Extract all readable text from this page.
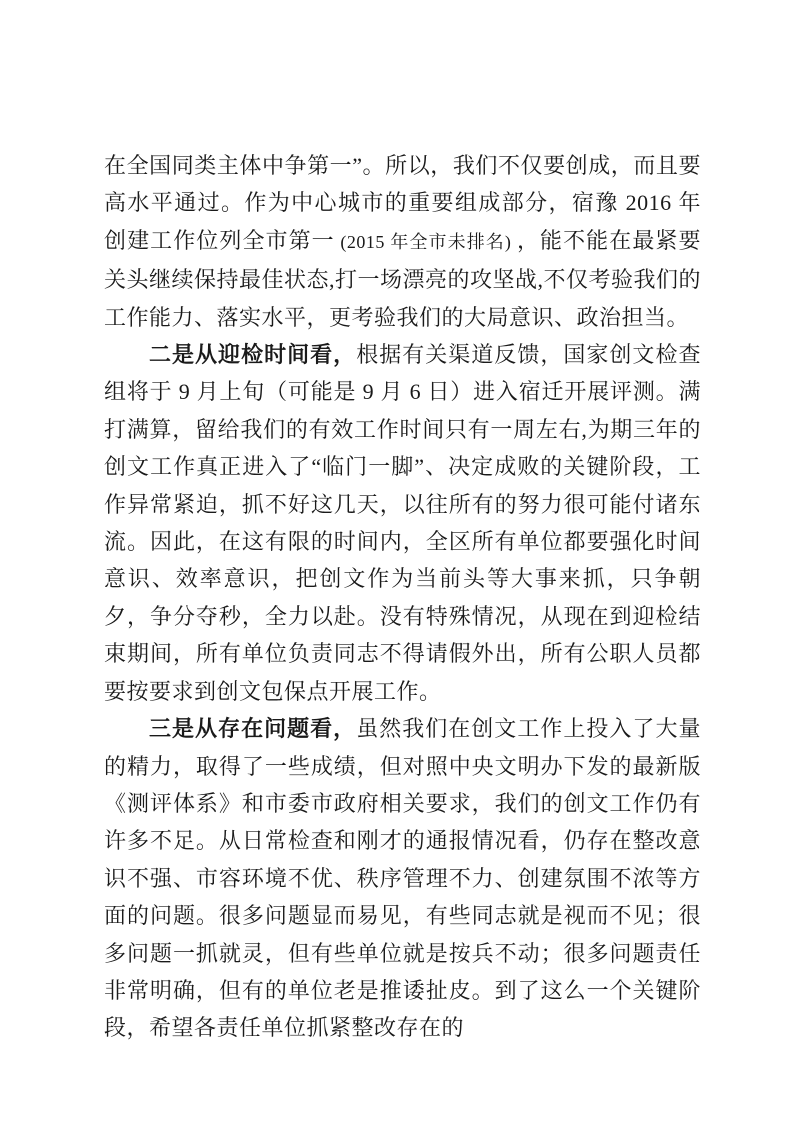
在全国同类主体中争第一”。所以，我们不仅要创成，而且要高水平通过。作为中心城市的重要组成部分，宿豫 2016 年创建工作位列全市第一 (2015 年全市未排名) ，能不能在最紧要关头继续保持最佳状态,打一场漂亮的攻坚战,不仅考验我们的工作能力、落实水平，更考验我们的大局意识、政治担当。

二是从迎检时间看，根据有关渠道反馈，国家创文检查组将于 9 月上旬（可能是 9 月 6 日）进入宿迁开展评测。满打满算，留给我们的有效工作时间只有一周左右,为期三年的创文工作真正进入了“临门一脚”、决定成败的关键阶段，工作异常紧迫，抓不好这几天，以往所有的努力很可能付诸东流。因此，在这有限的时间内，全区所有单位都要强化时间意识、效率意识，把创文作为当前头等大事来抓，只争朝夕，争分夺秒，全力以赴。没有特殊情况，从现在到迎检结束期间，所有单位负责同志不得请假外出，所有公职人员都要按要求到创文包保点开展工作。

三是从存在问题看，虽然我们在创文工作上投入了大量的精力，取得了一些成绩，但对照中央文明办下发的最新版《测评体系》和市委市政府相关要求，我们的创文工作仍有许多不足。从日常检查和刚才的通报情况看，仍存在整改意识不强、市容环境不优、秩序管理不力、创建氛围不浓等方面的问题。很多问题显而易见，有些同志就是视而不见；很多问题一抓就灵，但有些单位就是按兵不动；很多问题责任非常明确，但有的单位老是推诿扯皮。到了这么一个关键阶段，希望各责任单位抓紧整改存在的
